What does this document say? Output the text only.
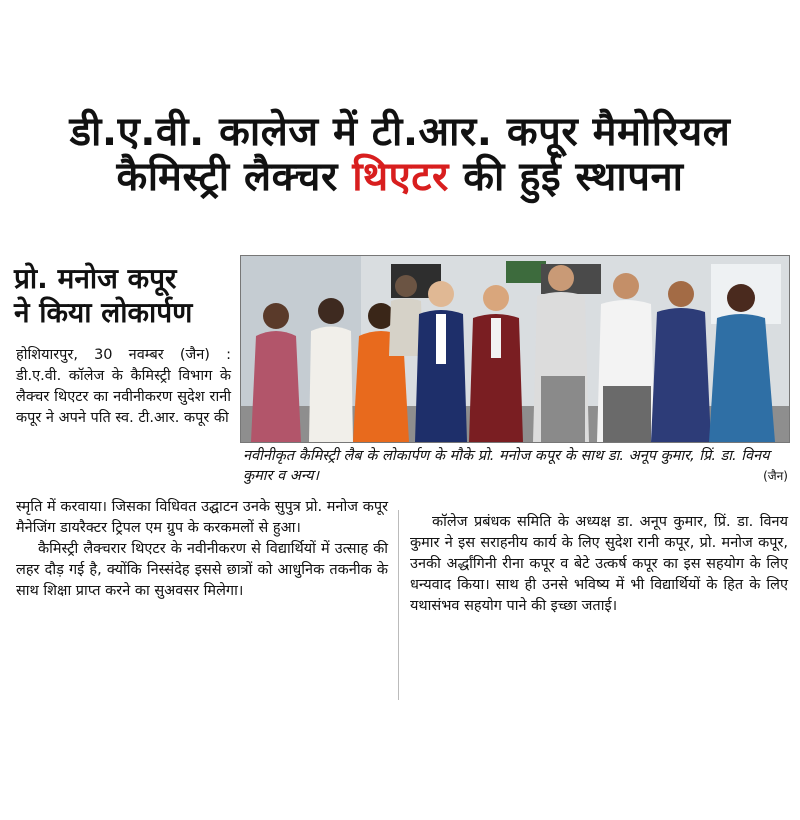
डी.ए.वी. कालेज में टी.आर. कपूर मैमोरियल
कैमिस्ट्री लैक्चर थिएटर की हुई स्थापना
प्रो. मनोज कपूर
ने किया लोकार्पण
नवीनीकृत कैमिस्ट्री लैब के लोकार्पण के मौके प्रो. मनोज कपूर के साथ डा. अनूप कुमार, प्रिं. डा. विनय कुमार व अन्य।	(जैन)
होशियारपुर, 30 नवम्बर (जैन) : डी.ए.वी. कॉलेज के कैमिस्ट्री विभाग के लैक्चर थिएटर का नवीनीकरण सुदेश रानी कपूर ने अपने पति स्व. टी.आर. कपूर की

स्मृति में करवाया। जिसका विधिवत उद्घाटन उनके सुपुत्र प्रो. मनोज कपूर मैनेजिंग डायरैक्टर ट्रिपल एम ग्रुप के करकमलों से हुआ।

कैमिस्ट्री लैक्चरार थिएटर के नवीनीकरण से विद्यार्थियों में उत्साह की लहर दौड़ गई है, क्योंकि निस्संदेह इससे छात्रों को आधुनिक तकनीक के साथ शिक्षा प्राप्त करने का सुअवसर मिलेगा।

कॉलेज प्रबंधक समिति के अध्यक्ष डा. अनूप कुमार, प्रिं. डा. विनय कुमार ने इस सराहनीय कार्य के लिए सुदेश रानी कपूर, प्रो. मनोज कपूर, उनकी अर्द्धांगिनी रीना कपूर व बेटे उत्कर्ष कपूर का इस सहयोग के लिए धन्यवाद किया। साथ ही उनसे भविष्य में भी विद्यार्थियों के हित के लिए यथासंभव सहयोग पाने की इच्छा जताई।
